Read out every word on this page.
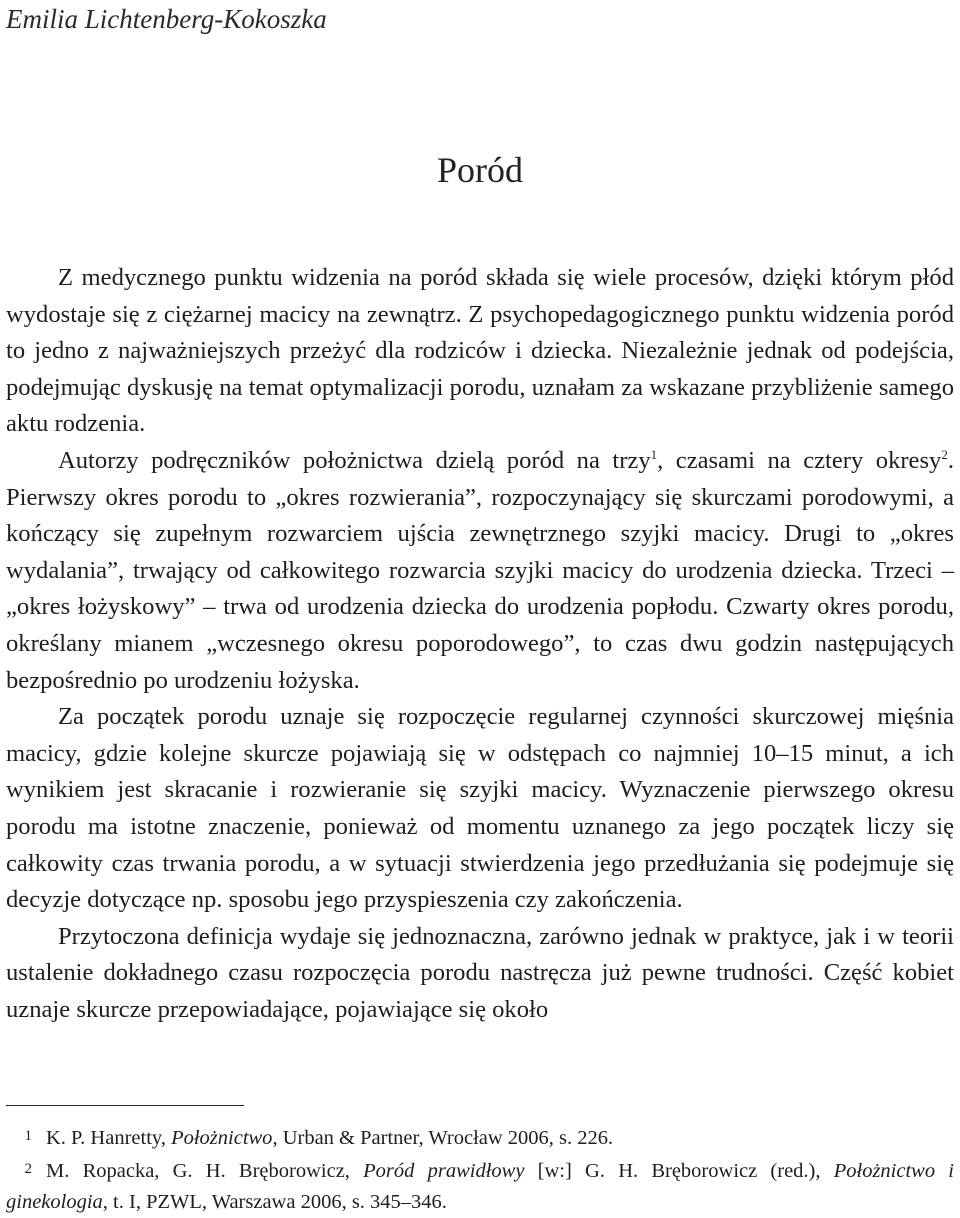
Emilia Lichtenberg-Kokoszka
Poród

Z medycznego punktu widzenia na poród składa się wiele procesów, dzięki którym płód wydostaje się z ciężarnej macicy na zewnątrz. Z psychopedagogicznego punktu widzenia poród to jedno z najważniejszych przeżyć dla rodziców i dziecka. Niezależnie jednak od podejścia, podejmując dyskusję na temat optymalizacji porodu, uznałam za wskazane przybliżenie samego aktu rodzenia.

Autorzy podręczników położnictwa dzielą poród na trzy$^1$, czasami na cztery okresy$^2$. Pierwszy okres porodu to „okres rozwierania”, rozpoczynający się skurczami porodowymi, a kończący się zupełnym rozwarciem ujścia zewnętrznego szyjki macicy. Drugi to „okres wydalania”, trwający od całkowitego rozwarcia szyjki macicy do urodzenia dziecka. Trzeci – „okres łożyskowy” – trwa od urodzenia dziecka do urodzenia popłodu. Czwarty okres porodu, określany mianem „wczesnego okresu poporodowego”, to czas dwu godzin następujących bezpośrednio po urodzeniu łożyska.

Za początek porodu uznaje się rozpoczęcie regularnej czynności skurczowej mięśnia macicy, gdzie kolejne skurcze pojawiają się w odstępach co najmniej 10–15 minut, a ich wynikiem jest skracanie i rozwieranie się szyjki macicy. Wyznaczenie pierwszego okresu porodu ma istotne znaczenie, ponieważ od momentu uznanego za jego początek liczy się całkowity czas trwania porodu, a w sytuacji stwierdzenia jego przedłużania się podejmuje się decyzje dotyczące np. sposobu jego przyspieszenia czy zakończenia.

Przytoczona definicja wydaje się jednoznaczna, zarówno jednak w praktyce, jak i w teorii ustalenie dokładnego czasu rozpoczęcia porodu nastręcza już pewne trudności. Część kobiet uznaje skurcze przepowiadające, pojawiające się około

1 K. P. Hanretty, Położnictwo, Urban & Partner, Wrocław 2006, s. 226.

2 M. Ropacka, G. H. Bręborowicz, Poród prawidłowy [w:] G. H. Bręborowicz (red.), Położnictwo i ginekologia, t. I, PZWL, Warszawa 2006, s. 345–346.
